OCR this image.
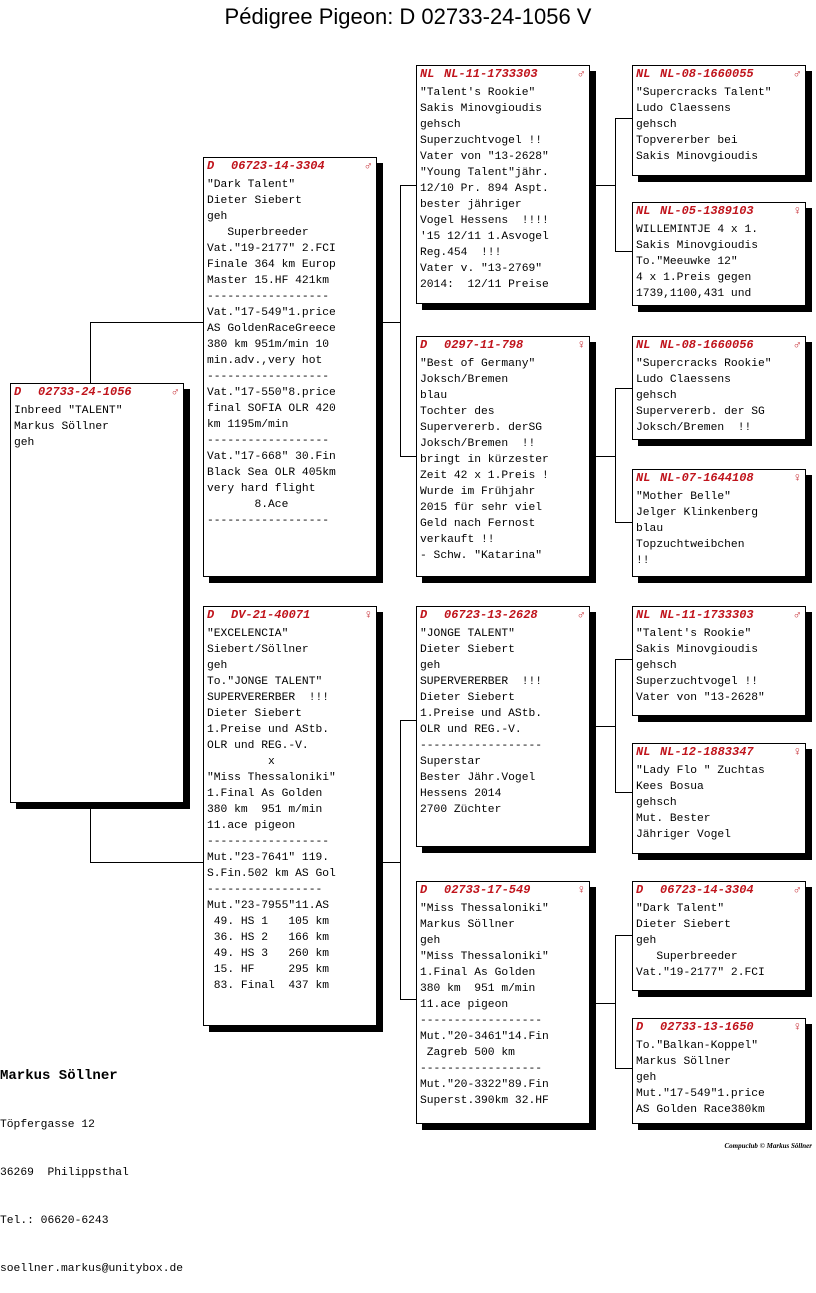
Pédigree Pigeon: D 02733-24-1056 V
D 02733-24-1056	♂
Inbreed "TALENT"
Markus Söllner
geh
D 06723-14-3304	♂
"Dark Talent"
Dieter Siebert
geh
Superbreeder
Vat."19-2177" 2.FCI
Finale 364 km Europ
Master 15.HF 421km
------------------
Vat."17-549"1.price
AS GoldenRaceGreece
380 km 951m/min 10
min.adv.,very hot
------------------
Vat."17-550"8.price
final SOFIA OLR 420
km 1195m/min
------------------
Vat."17-668" 30.Fin
Black Sea OLR 405km
very hard flight
8.Ace
------------------
D DV-21-40071	♀
"EXCELENCIA"
Siebert/Söllner
geh
To."JONGE TALENT"
SUPERVERERBER  !!!
Dieter Siebert
1.Preise und AStb.
OLR und REG.-V.
x
"Miss Thessaloniki"
1.Final As Golden
380 km  951 m/min
11.ace pigeon
------------------
Mut."23-7641" 119.
S.Fin.502 km AS Gol
-----------------
Mut."23-7955"11.AS
49. HS 1   105 km
36. HS 2   166 km
49. HS 3   260 km
15. HF     295 km
83. Final  437 km
NL NL-11-1733303	♂
"Talent's Rookie"
Sakis Minovgioudis
gehsch
Superzuchtvogel !!
Vater von "13-2628"
"Young Talent"jähr.
12/10 Pr. 894 Aspt.
bester jähriger
Vogel Hessens  !!!!
'15 12/11 1.Asvogel
Reg.454  !!!
Vater v. "13-2769"
2014:  12/11 Preise
D 0297-11-798	♀
"Best of Germany"
Joksch/Bremen
blau
Tochter des
Supervererb. derSG
Joksch/Bremen  !!
bringt in kürzester
Zeit 42 x 1.Preis !
Wurde im Frühjahr
2015 für sehr viel
Geld nach Fernost
verkauft !!
- Schw. "Katarina"
D 06723-13-2628	♂
"JONGE TALENT"
Dieter Siebert
geh
SUPERVERERBER  !!!
Dieter Siebert
1.Preise und AStb.
OLR und REG.-V.
------------------
Superstar
Bester Jähr.Vogel
Hessens 2014
2700 Züchter
D 02733-17-549	♀
"Miss Thessaloniki"
Markus Söllner
geh
"Miss Thessaloniki"
1.Final As Golden
380 km  951 m/min
11.ace pigeon
------------------
Mut."20-3461"14.Fin
Zagreb 500 km
------------------
Mut."20-3322"89.Fin
Superst.390km 32.HF
NL NL-08-1660055	♂
"Supercracks Talent"
Ludo Claessens
gehsch
Topvererber bei
Sakis Minovgioudis
NL NL-05-1389103	♀
WILLEMINTJE 4 x 1.
Sakis Minovgioudis
To."Meeuwke 12"
4 x 1.Preis gegen
1739,1100,431 und
NL NL-08-1660056	♂
"Supercracks Rookie"
Ludo Claessens
gehsch
Supervererb. der SG
Joksch/Bremen  !!
NL NL-07-1644108	♀
"Mother Belle"
Jelger Klinkenberg
blau
Topzuchtweibchen
!!
NL NL-11-1733303	♂
"Talent's Rookie"
Sakis Minovgioudis
gehsch
Superzuchtvogel !!
Vater von "13-2628"
NL NL-12-1883347	♀
"Lady Flo " Zuchtas
Kees Bosua
gehsch
Mut. Bester
Jähriger Vogel
D 06723-14-3304	♂
"Dark Talent"
Dieter Siebert
geh
Superbreeder
Vat."19-2177" 2.FCI
D 02733-13-1650	♀
To."Balkan-Koppel"
Markus Söllner
geh
Mut."17-549"1.price
AS Golden Race380km

Markus Söllner

Töpfergasse 12

36269  Philippsthal

Tel.: 06620-6243

soellner.markus@unitybox.de

Compuclub © Markus Söllner
